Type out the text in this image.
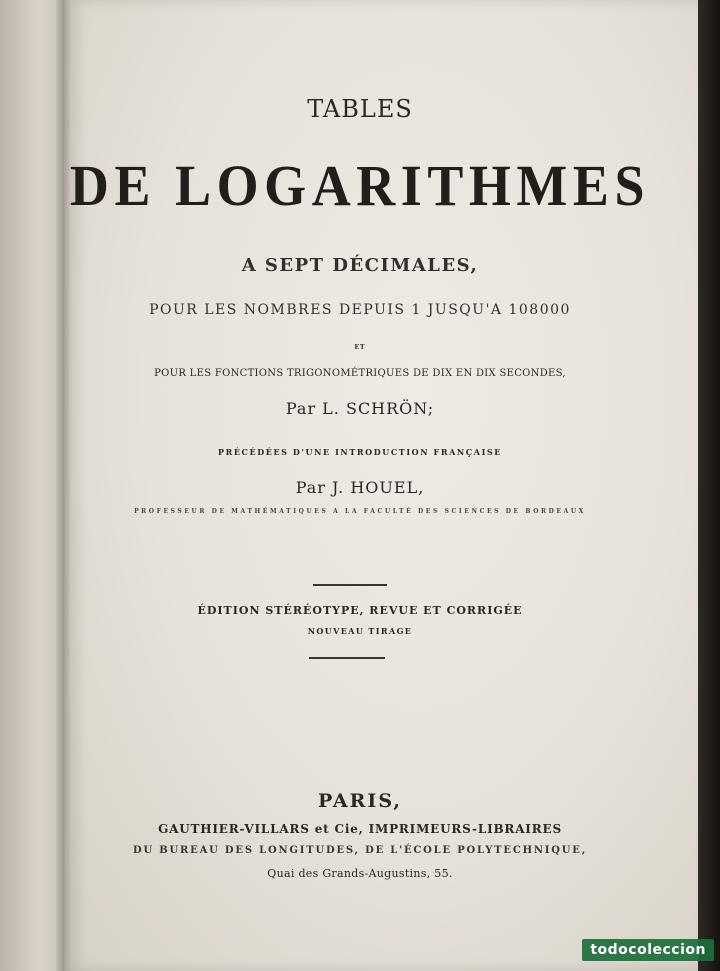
TABLES
DE LOGARITHMES
A SEPT DÉCIMALES,
POUR LES NOMBRES DEPUIS 1 JUSQU'A 108000
ET
POUR LES FONCTIONS TRIGONOMÉTRIQUES DE DIX EN DIX SECONDES,
Par L. SCHRÖN;
PRÉCÉDÉES D'UNE INTRODUCTION FRANÇAISE
Par J. HOUEL,
PROFESSEUR DE MATHÉMATIQUES A LA FACULTÉ DES SCIENCES DE BORDEAUX
ÉDITION STÉRÉOTYPE, REVUE ET CORRIGÉE
NOUVEAU TIRAGE
PARIS,
GAUTHIER-VILLARS et Cie, IMPRIMEURS-LIBRAIRES
DU BUREAU DES LONGITUDES, DE L'ÉCOLE POLYTECHNIQUE,
Quai des Grands-Augustins, 55.
todocoleccion
